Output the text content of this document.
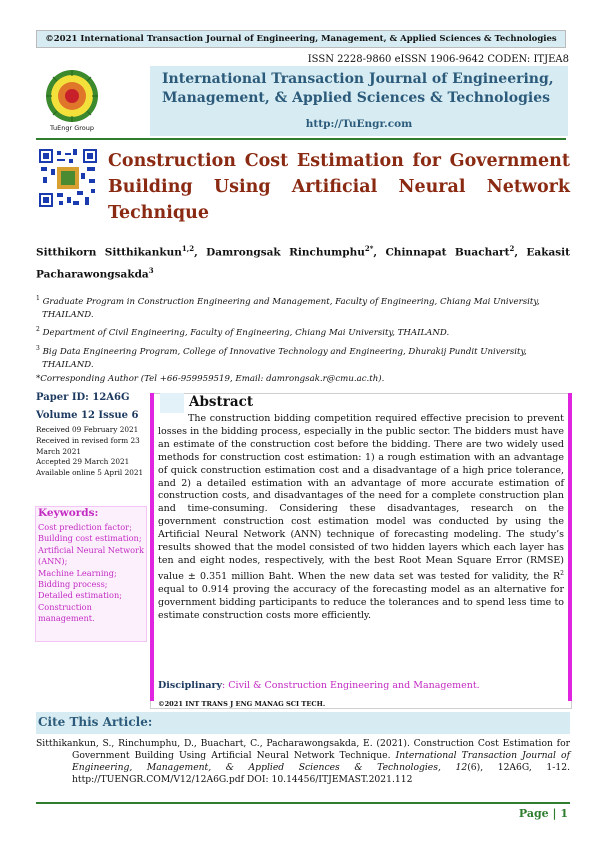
©2021 International Transaction Journal of Engineering, Management, & Applied Sciences & Technologies
ISSN 2228-9860 eISSN 1906-9642 CODEN: ITJEA8
TuEngr Group
International Transaction Journal of Engineering,
Management, & Applied Sciences & Technologies
http://TuEngr.com
Construction Cost Estimation for Government Building Using Artificial Neural Network Technique
Sitthikorn Sitthikankun$^{1,2}$, Damrongsak Rinchumphu$^{2*}$, Chinnapat Buachart$^2$, Eakasit Pacharawongsakda$^3$

$^1$ Graduate Program in Construction Engineering and Management, Faculty of Engineering, Chiang Mai University, THAILAND.

$^2$ Department of Civil Engineering, Faculty of Engineering, Chiang Mai University, THAILAND.

$^3$ Big Data Engineering Program, College of Innovative Technology and Engineering, Dhurakij Pundit University, THAILAND.

*Corresponding Author (Tel +66-959959519, Email: damrongsak.r@cmu.ac.th).

Paper ID: 12A6G
Volume 12 Issue 6
Received 09 February 2021
Received in revised form 23 March 2021
Accepted 29 March 2021
Available online 5 April 2021
Keywords:
Cost prediction factor;
Building cost estimation; Artificial Neural Network (ANN);
Machine Learning;
Bidding process;
Detailed estimation;
Construction management.
Abstract
The construction bidding competition required effective precision to prevent losses in the bidding process, especially in the public sector. The bidders must have an estimate of the construction cost before the bidding. There are two widely used methods for construction cost estimation: 1) a rough estimation with an advantage of quick construction estimation cost and a disadvantage of a high price tolerance, and 2) a detailed estimation with an advantage of more accurate estimation of construction costs, and disadvantages of the need for a complete construction plan and time-consuming. Considering these disadvantages, research on the government construction cost estimation model was conducted by using the Artificial Neural Network (ANN) technique of forecasting modeling. The study’s results showed that the model consisted of two hidden layers which each layer has ten and eight nodes, respectively, with the best Root Mean Square Error (RMSE) value ± 0.351 million Baht. When the new data set was tested for validity, the $R^2$ equal to 0.914 proving the accuracy of the forecasting model as an alternative for government bidding participants to reduce the tolerances and to spend less time to estimate construction costs more efficiently.
Disciplinary: Civil & Construction Engineering and Management.
©2021 INT TRANS J ENG MANAG SCI TECH.
Cite This Article:

Sitthikankun, S., Rinchumphu, D., Buachart, C., Pacharawongsakda, E. (2021). Construction Cost Estimation for Government Building Using Artificial Neural Network Technique. International Transaction Journal of Engineering, Management, & Applied Sciences & Technologies, 12(6), 12A6G, 1-12. http://TUENGR.COM/V12/12A6G.pdf DOI: 10.14456/ITJEMAST.2021.112

Page | 1
